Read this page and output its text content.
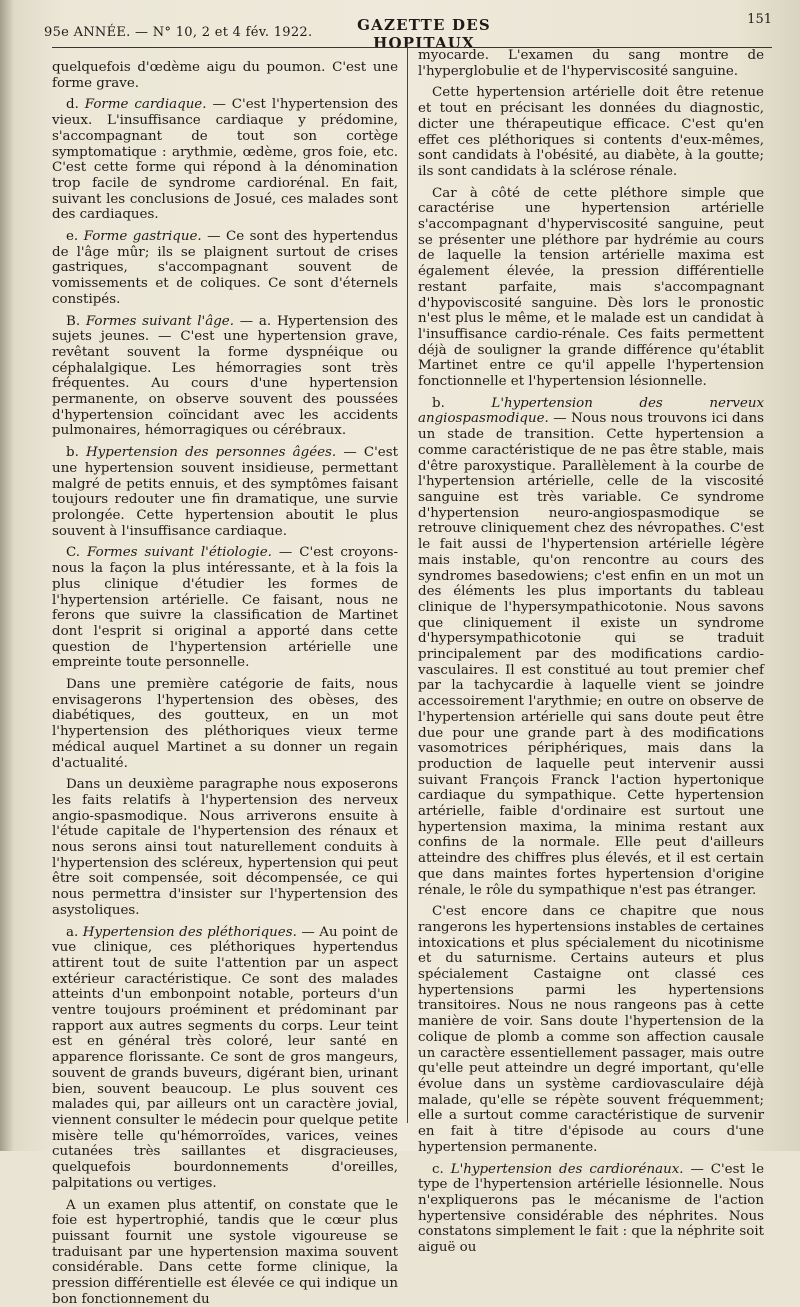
95e ANNÉE. — N° 10, 2 et 4 fév. 1922.	GAZETTE DES HOPITAUX
151

quelquefois d'œdème aigu du poumon. C'est une forme grave.

d. Forme cardiaque. — C'est l'hypertension des vieux. L'insuffisance cardiaque y prédomine, s'accompagnant de tout son cortège symptomatique : arythmie, œdème, gros foie, etc. C'est cette forme qui répond à la dénomination trop facile de syndrome cardiorénal. En fait, suivant les conclusions de Josué, ces malades sont des cardiaques.

e. Forme gastrique. — Ce sont des hypertendus de l'âge mûr; ils se plaignent surtout de crises gastriques, s'accompagnant souvent de vomissements et de coliques. Ce sont d'éternels constipés.

B. Formes suivant l'âge. — a. Hypertension des sujets jeunes. — C'est une hypertension grave, revêtant souvent la forme dyspnéique ou céphalalgique. Les hémorragies sont très fréquentes. Au cours d'une hypertension permanente, on observe souvent des poussées d'hypertension coïncidant avec les accidents pulmonaires, hémorragiques ou cérébraux.

b. Hypertension des personnes âgées. — C'est une hypertension souvent insidieuse, permettant malgré de petits ennuis, et des symptômes faisant toujours redouter une fin dramatique, une survie prolongée. Cette hypertension aboutit le plus souvent à l'insuffisance cardiaque.

C. Formes suivant l'étiologie. — C'est croyons-nous la façon la plus intéressante, et à la fois la plus clinique d'étudier les formes de l'hypertension artérielle. Ce faisant, nous ne ferons que suivre la classification de Martinet dont l'esprit si original a apporté dans cette question de l'hypertension artérielle une empreinte toute personnelle.

Dans une première catégorie de faits, nous envisagerons l'hypertension des obèses, des diabétiques, des goutteux, en un mot l'hypertension des pléthoriques vieux terme médical auquel Martinet a su donner un regain d'actualité.

Dans un deuxième paragraphe nous exposerons les faits relatifs à l'hypertension des nerveux angio-spasmodique. Nous arriverons ensuite à l'étude capitale de l'hypertension des rénaux et nous serons ainsi tout naturellement conduits à l'hypertension des scléreux, hypertension qui peut être soit compensée, soit décompensée, ce qui nous permettra d'insister sur l'hypertension des asystoliques.

a. Hypertension des pléthoriques. — Au point de vue clinique, ces pléthoriques hypertendus attirent tout de suite l'attention par un aspect extérieur caractéristique. Ce sont des malades atteints d'un embonpoint notable, porteurs d'un ventre toujours proéminent et prédominant par rapport aux autres segments du corps. Leur teint est en général très coloré, leur santé en apparence florissante. Ce sont de gros mangeurs, souvent de grands buveurs, digérant bien, urinant bien, souvent beaucoup. Le plus souvent ces malades qui, par ailleurs ont un caractère jovial, viennent consulter le médecin pour quelque petite misère telle qu'hémorroïdes, varices, veines cutanées très saillantes et disgracieuses, quelquefois bourdonnements d'oreilles, palpitations ou vertiges.

A un examen plus attentif, on constate que le foie est hypertrophié, tandis que le cœur plus puissant fournit une systole vigoureuse se traduisant par une hypertension maxima souvent considérable. Dans cette forme clinique, la pression différentielle est élevée ce qui indique un bon fonctionnement du

myocarde. L'examen du sang montre de l'hyperglobulie et de l'hyperviscosité sanguine.

Cette hypertension artérielle doit être retenue et tout en précisant les données du diagnostic, dicter une thérapeutique efficace. C'est qu'en effet ces pléthoriques si contents d'eux-mêmes, sont candidats à l'obésité, au diabète, à la goutte; ils sont candidats à la sclérose rénale.

Car à côté de cette pléthore simple que caractérise une hypertension artérielle s'accompagnant d'hyperviscosité sanguine, peut se présenter une pléthore par hydrémie au cours de laquelle la tension artérielle maxima est également élevée, la pression différentielle restant parfaite, mais s'accompagnant d'hypoviscosité sanguine. Dès lors le pronostic n'est plus le même, et le malade est un candidat à l'insuffisance cardio-rénale. Ces faits permettent déjà de souligner la grande différence qu'établit Martinet entre ce qu'il appelle l'hypertension fonctionnelle et l'hypertension lésionnelle.

b. L'hypertension des nerveux angiospasmodique. — Nous nous trouvons ici dans un stade de transition. Cette hypertension a comme caractéristique de ne pas être stable, mais d'être paroxystique. Parallèlement à la courbe de l'hypertension artérielle, celle de la viscosité sanguine est très variable. Ce syndrome d'hypertension neuro-angiospasmodique se retrouve cliniquement chez des névropathes. C'est le fait aussi de l'hypertension artérielle légère mais instable, qu'on rencontre au cours des syndromes basedowiens; c'est enfin en un mot un des éléments les plus importants du tableau clinique de l'hypersympathicotonie. Nous savons que cliniquement il existe un syndrome d'hypersympathicotonie qui se traduit principalement par des modifications cardio-vasculaires. Il est constitué au tout premier chef par la tachycardie à laquelle vient se joindre accessoirement l'arythmie; en outre on observe de l'hypertension artérielle qui sans doute peut être due pour une grande part à des modifications vasomotrices périphériques, mais dans la production de laquelle peut intervenir aussi suivant François Franck l'action hypertonique cardiaque du sympathique. Cette hypertension artérielle, faible d'ordinaire est surtout une hypertension maxima, la minima restant aux confins de la normale. Elle peut d'ailleurs atteindre des chiffres plus élevés, et il est certain que dans maintes fortes hypertension d'origine rénale, le rôle du sympathique n'est pas étranger.

C'est encore dans ce chapitre que nous rangerons les hypertensions instables de certaines intoxications et plus spécialement du nicotinisme et du saturnisme. Certains auteurs et plus spécialement Castaigne ont classé ces hypertensions parmi les hypertensions transitoires. Nous ne nous rangeons pas à cette manière de voir. Sans doute l'hypertension de la colique de plomb a comme son affection causale un caractère essentiellement passager, mais outre qu'elle peut atteindre un degré important, qu'elle évolue dans un système cardiovasculaire déjà malade, qu'elle se répète souvent fréquemment; elle a surtout comme caractéristique de survenir en fait à titre d'épisode au cours d'une hypertension permanente.

c. L'hypertension des cardiorénaux. — C'est le type de l'hypertension artérielle lésionnelle. Nous n'expliquerons pas le mécanisme de l'action hypertensive considérable des néphrites. Nous constatons simplement le fait : que la néphrite soit aiguë ou
